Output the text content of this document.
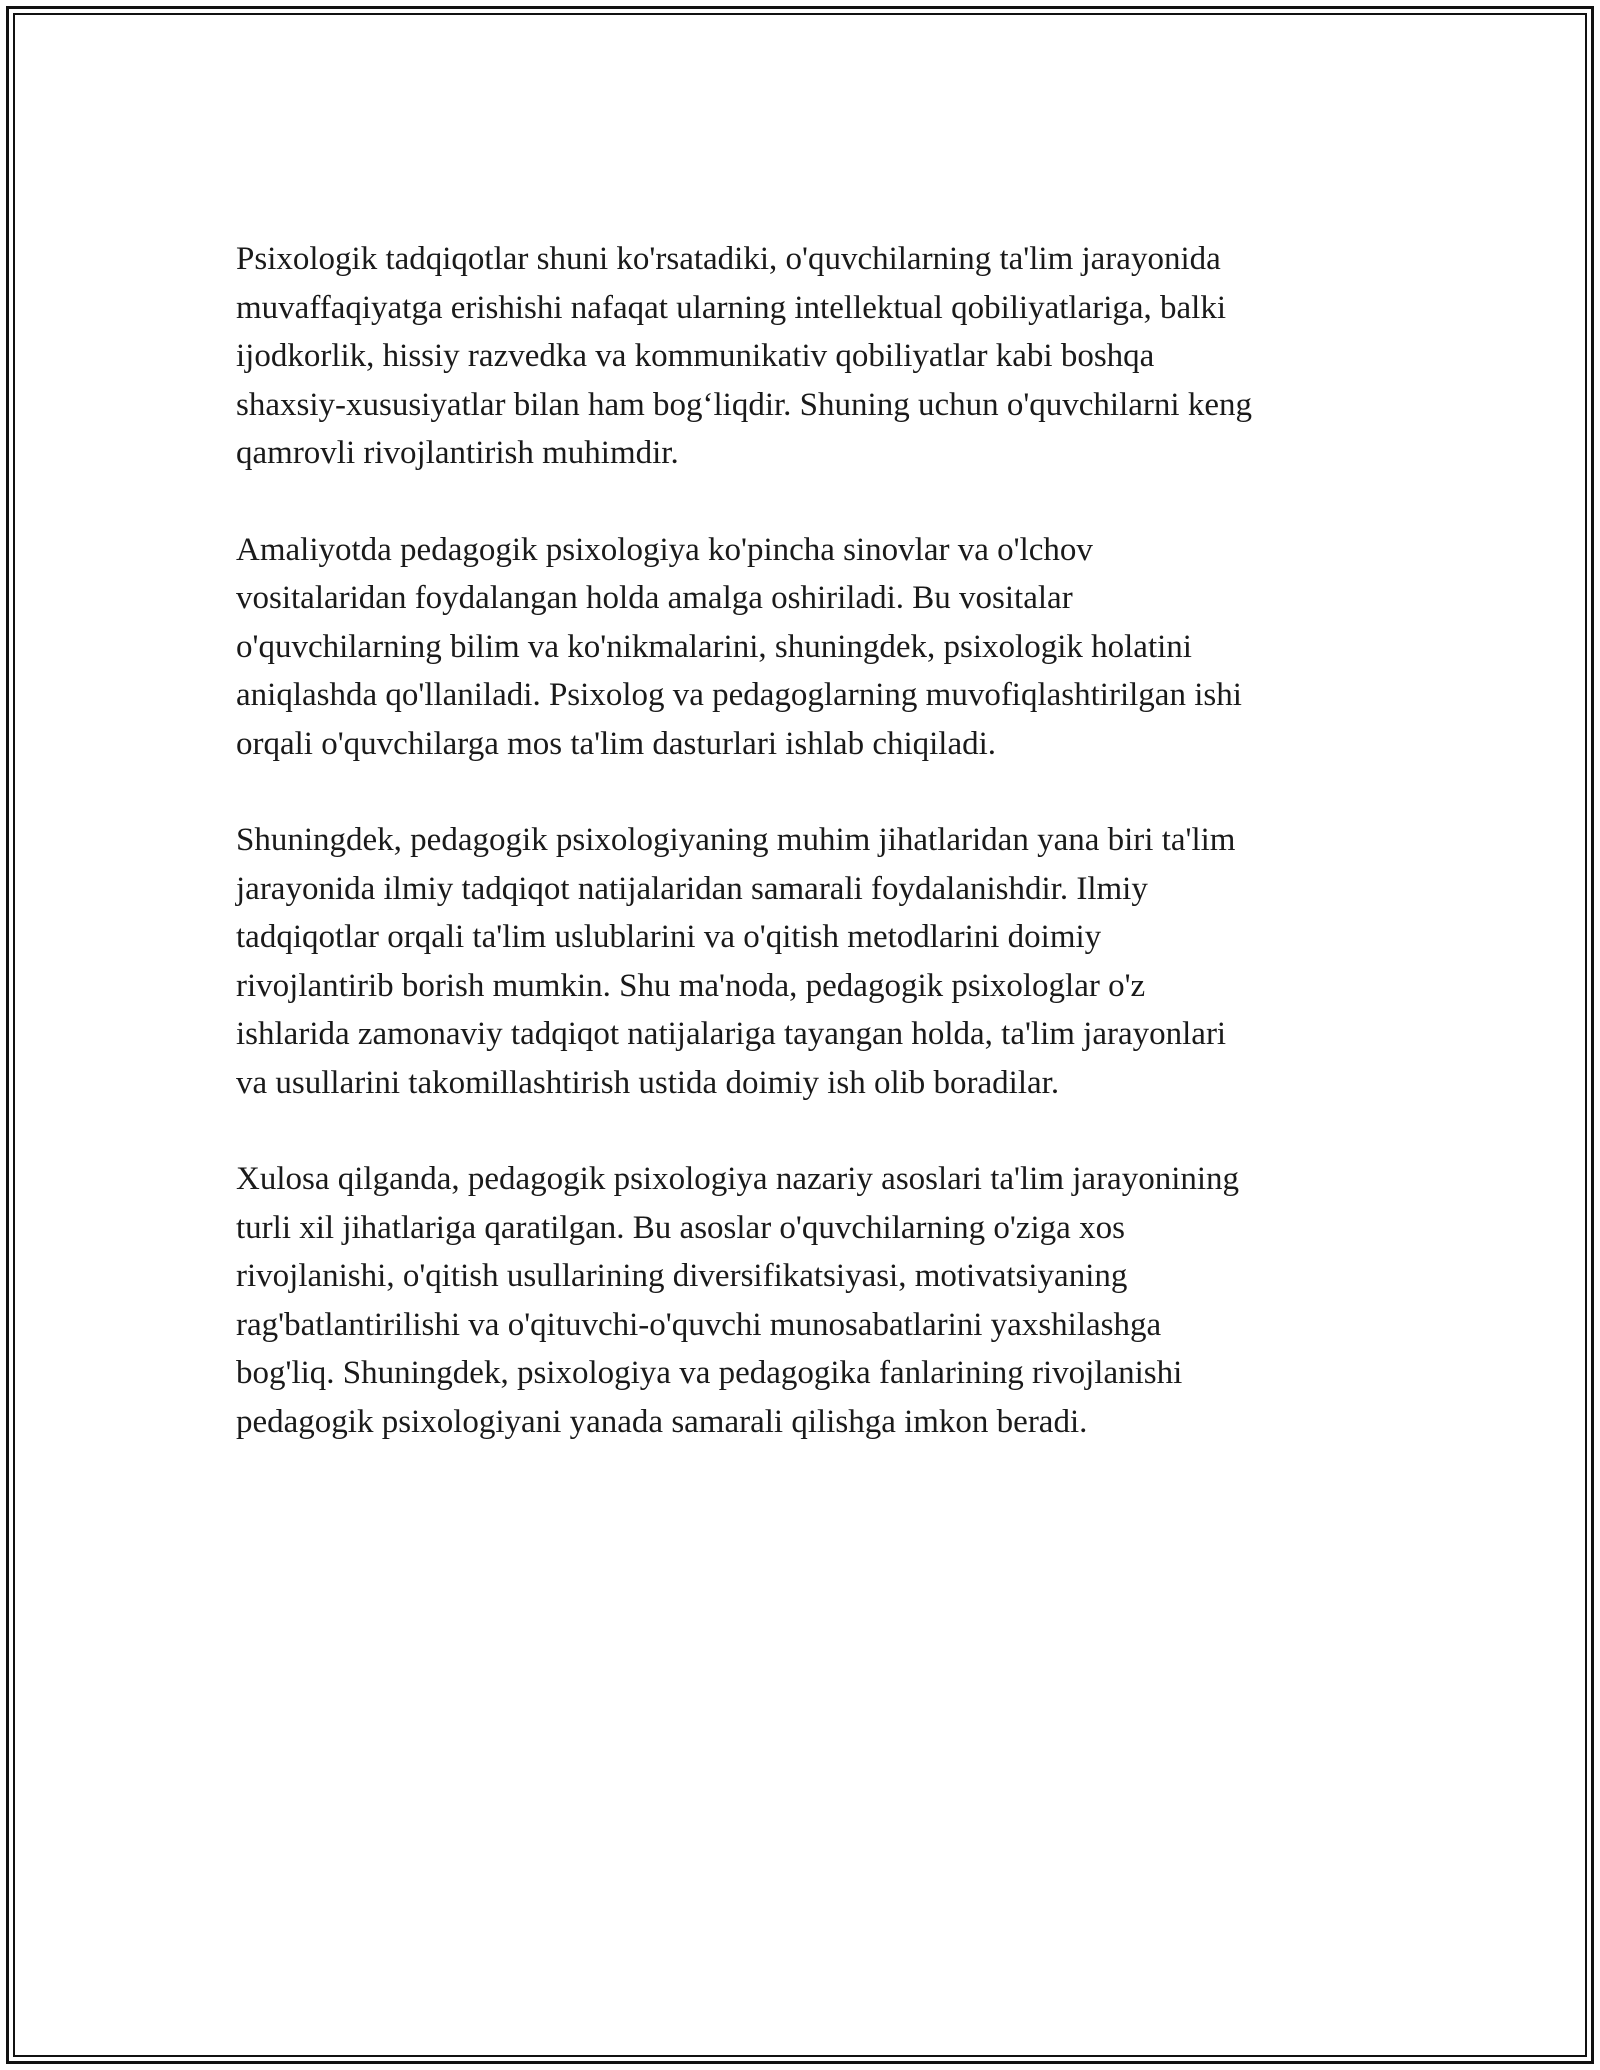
Psixologik tadqiqotlar shuni ko'rsatadiki, o'quvchilarning ta'lim jarayonida
muvaffaqiyatga erishishi nafaqat ularning intellektual qobiliyatlariga, balki
ijodkorlik, hissiy razvedka va kommunikativ qobiliyatlar kabi boshqa
shaxsiy-xususiyatlar bilan ham bog‘liqdir. Shuning uchun o'quvchilarni keng
qamrovli rivojlantirish muhimdir.

Amaliyotda pedagogik psixologiya ko'pincha sinovlar va o'lchov
vositalaridan foydalangan holda amalga oshiriladi. Bu vositalar
o'quvchilarning bilim va ko'nikmalarini, shuningdek, psixologik holatini
aniqlashda qo'llaniladi. Psixolog va pedagoglarning muvofiqlashtirilgan ishi
orqali o'quvchilarga mos ta'lim dasturlari ishlab chiqiladi.

Shuningdek, pedagogik psixologiyaning muhim jihatlaridan yana biri ta'lim
jarayonida ilmiy tadqiqot natijalaridan samarali foydalanishdir. Ilmiy
tadqiqotlar orqali ta'lim uslublarini va o'qitish metodlarini doimiy
rivojlantirib borish mumkin. Shu ma'noda, pedagogik psixologlar o'z
ishlarida zamonaviy tadqiqot natijalariga tayangan holda, ta'lim jarayonlari
va usullarini takomillashtirish ustida doimiy ish olib boradilar.

Xulosa qilganda, pedagogik psixologiya nazariy asoslari ta'lim jarayonining
turli xil jihatlariga qaratilgan. Bu asoslar o'quvchilarning o'ziga xos
rivojlanishi, o'qitish usullarining diversifikatsiyasi, motivatsiyaning
rag'batlantirilishi va o'qituvchi-o'quvchi munosabatlarini yaxshilashga
bog'liq. Shuningdek, psixologiya va pedagogika fanlarining rivojlanishi
pedagogik psixologiyani yanada samarali qilishga imkon beradi.
